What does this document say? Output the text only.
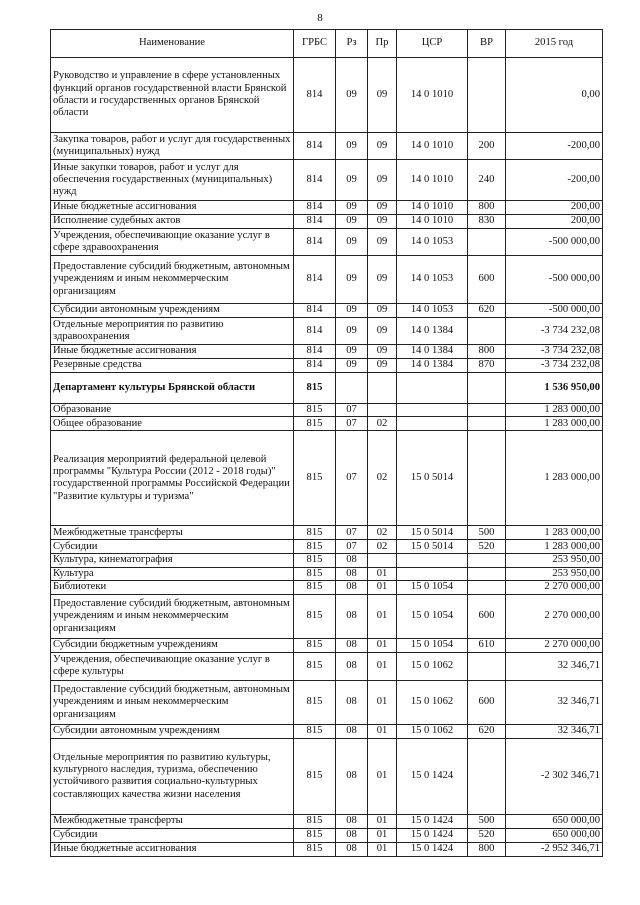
8
Наименование	ГРБС	Рз	Пр	ЦСР	ВР	2015 год
Руководство и управление в сфере установленных функций органов государственной власти Брянской области и государственных органов Брянской области	814	09	09	14 0 1010		0,00
Закупка товаров, работ и услуг для государственных (муниципальных) нужд	814	09	09	14 0 1010	200	-200,00
Иные закупки товаров, работ и услуг для обеспечения государственных (муниципальных) нужд	814	09	09	14 0 1010	240	-200,00
Иные бюджетные ассигнования	814	09	09	14 0 1010	800	200,00
Исполнение судебных актов	814	09	09	14 0 1010	830	200,00
Учреждения, обеспечивающие оказание услуг в сфере здравоохранения	814	09	09	14 0 1053		-500 000,00
Предоставление субсидий бюджетным, автономным учреждениям и иным некоммерческим организациям	814	09	09	14 0 1053	600	-500 000,00
Субсидии автономным учреждениям	814	09	09	14 0 1053	620	-500 000,00
Отдельные мероприятия по развитию здравоохранения	814	09	09	14 0 1384		-3 734 232,08
Иные бюджетные ассигнования	814	09	09	14 0 1384	800	-3 734 232,08
Резервные средства	814	09	09	14 0 1384	870	-3 734 232,08
Департамент культуры Брянской области	815					1 536 950,00
Образование	815	07				1 283 000,00
Общее образование	815	07	02			1 283 000,00
Реализация мероприятий федеральной целевой программы "Культура России (2012 - 2018 годы)" государственной программы Российской Федерации "Развитие культуры и туризма"	815	07	02	15 0 5014		1 283 000,00
Межбюджетные трансферты	815	07	02	15 0 5014	500	1 283 000,00
Субсидии	815	07	02	15 0 5014	520	1 283 000,00
Культура, кинематография	815	08				253 950,00
Культура	815	08	01			253 950,00
Библиотеки	815	08	01	15 0 1054		2 270 000,00
Предоставление субсидий бюджетным, автономным учреждениям и иным некоммерческим организациям	815	08	01	15 0 1054	600	2 270 000,00
Субсидии бюджетным учреждениям	815	08	01	15 0 1054	610	2 270 000,00
Учреждения, обеспечивающие оказание услуг в сфере культуры	815	08	01	15 0 1062		32 346,71
Предоставление субсидий бюджетным, автономным учреждениям и иным некоммерческим организациям	815	08	01	15 0 1062	600	32 346,71
Субсидии автономным учреждениям	815	08	01	15 0 1062	620	32 346,71
Отдельные мероприятия по развитию культуры, культурного наследия, туризма, обеспечению устойчивого развития социально-культурных составляющих качества жизни населения	815	08	01	15 0 1424		-2 302 346,71
Межбюджетные трансферты	815	08	01	15 0 1424	500	650 000,00
Субсидии	815	08	01	15 0 1424	520	650 000,00
Иные бюджетные ассигнования	815	08	01	15 0 1424	800	-2 952 346,71
